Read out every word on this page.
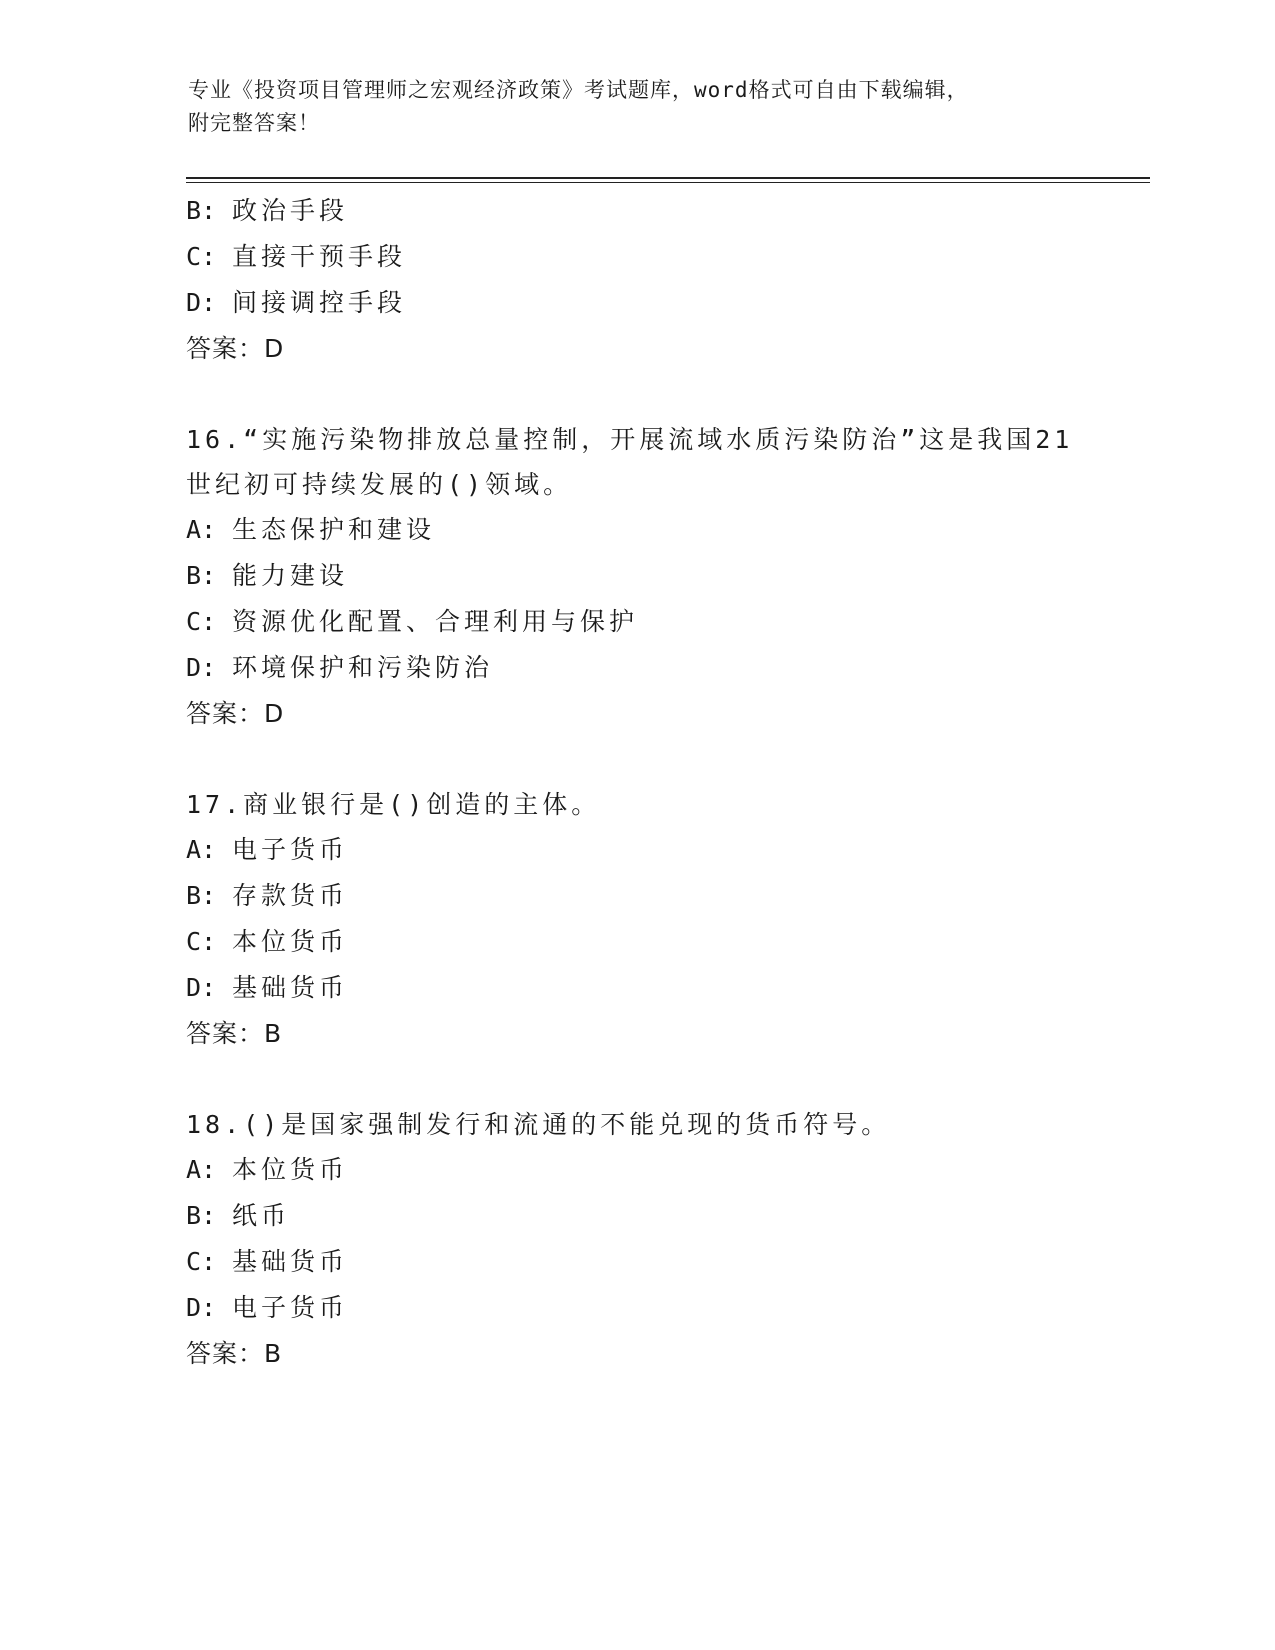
专业《投资项目管理师之宏观经济政策》考试题库，word格式可自由下载编辑，
附完整答案！
B: 政治手段
C: 直接干预手段
D: 间接调控手段
答案：D
16.“实施污染物排放总量控制，开展流域水质污染防治”这是我国21
世纪初可持续发展的()领域。
A: 生态保护和建设
B: 能力建设
C: 资源优化配置、合理利用与保护
D: 环境保护和污染防治
答案：D
17.商业银行是()创造的主体。
A: 电子货币
B: 存款货币
C: 本位货币
D: 基础货币
答案：B
18.()是国家强制发行和流通的不能兑现的货币符号。
A: 本位货币
B: 纸币
C: 基础货币
D: 电子货币
答案：B
